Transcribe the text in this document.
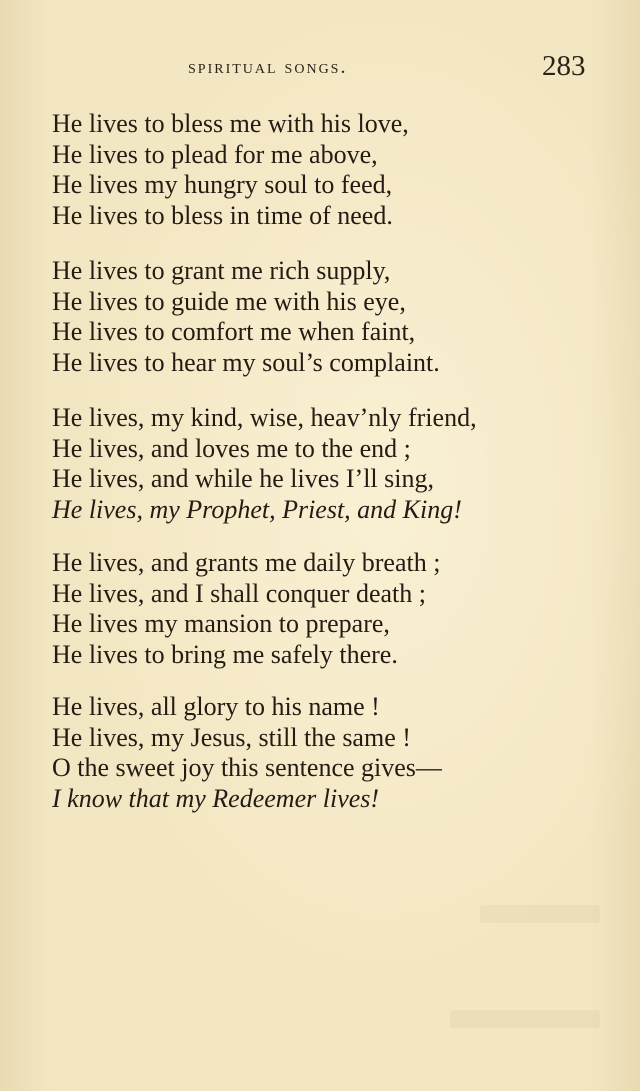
spiritual songs.	283
He lives to bless me with his love,
He lives to plead for me above,
He lives my hungry soul to feed,
He lives to bless in time of need.
He lives to grant me rich supply,
He lives to guide me with his eye,
He lives to comfort me when faint,
He lives to hear my soul’s complaint.
He lives, my kind, wise, heav’nly friend,
He lives, and loves me to the end ;
He lives, and while he lives I’ll sing,
He lives, my Prophet, Priest, and King!
He lives, and grants me daily breath ;
He lives, and I shall conquer death ;
He lives my mansion to prepare,
He lives to bring me safely there.
He lives, all glory to his name !
He lives, my Jesus, still the same !
O the sweet joy this sentence gives—
I know that my Redeemer lives!
